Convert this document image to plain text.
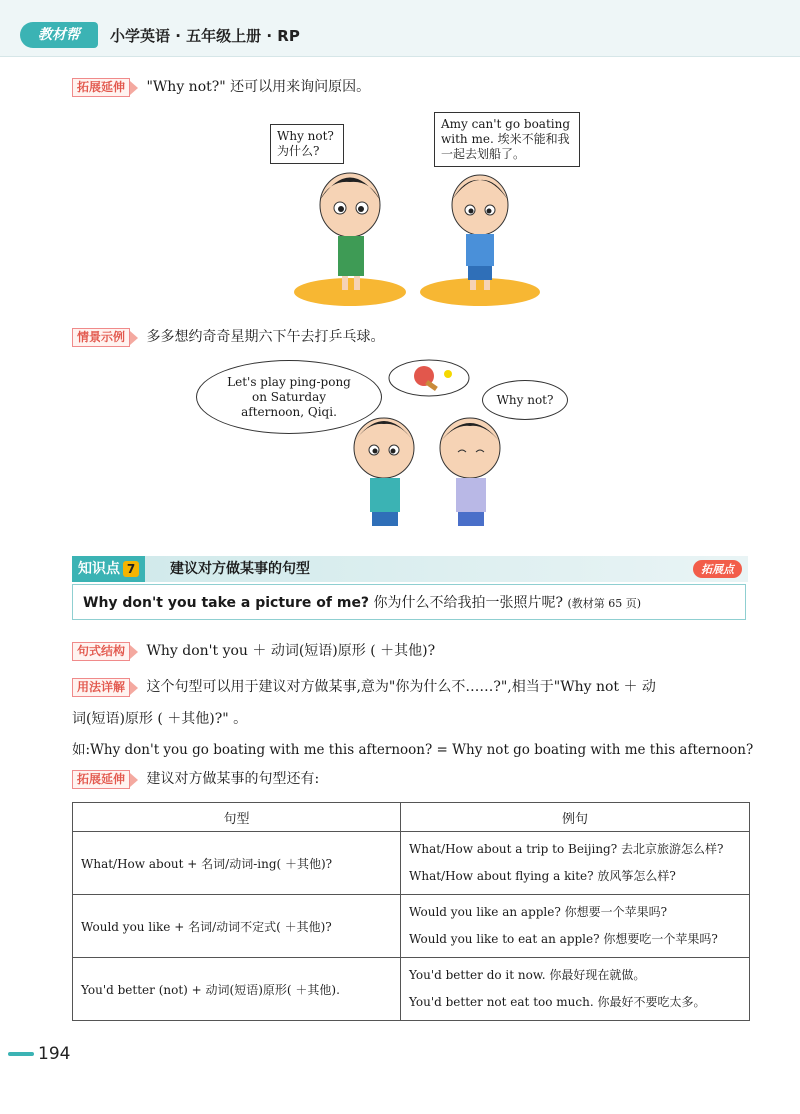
教材帮	小学英语 · 五年级上册 · RP
拓展延伸 "Why not?" 还可以用来询问原因。
Why not?
为什么?
Amy can't go boating with me. 埃米不能和我一起去划船了。
情景示例 多多想约奇奇星期六下午去打乒乓球。
Let's play ping-pong on Saturday afternoon, Qiqi.
Why not?
知识点 7	建议对方做某事的句型	拓展点
Why don't you take a picture of me? 你为什么不给我拍一张照片呢? (教材第 65 页)
句式结构 Why don't you ＋ 动词(短语)原形 ( ＋其他)?
用法详解 这个句型可以用于建议对方做某事,意为"你为什么不……?",相当于"Why not ＋ 动
词(短语)原形 ( ＋其他)?" 。
如:Why don't you go boating with me this afternoon? = Why not go boating with me this afternoon?
拓展延伸 建议对方做某事的句型还有:
句型	例句
What/How about + 名词/动词-ing( ＋其他)?	What/How about a trip to Beijing? 去北京旅游怎么样?
What/How about flying a kite? 放风筝怎么样?

Would you like + 名词/动词不定式( ＋其他)?	Would you like an apple? 你想要一个苹果吗?
Would you like to eat an apple? 你想要吃一个苹果吗?

You'd better (not) + 动词(短语)原形( ＋其他).	You'd better do it now. 你最好现在就做。
You'd better not eat too much. 你最好不要吃太多。
194
